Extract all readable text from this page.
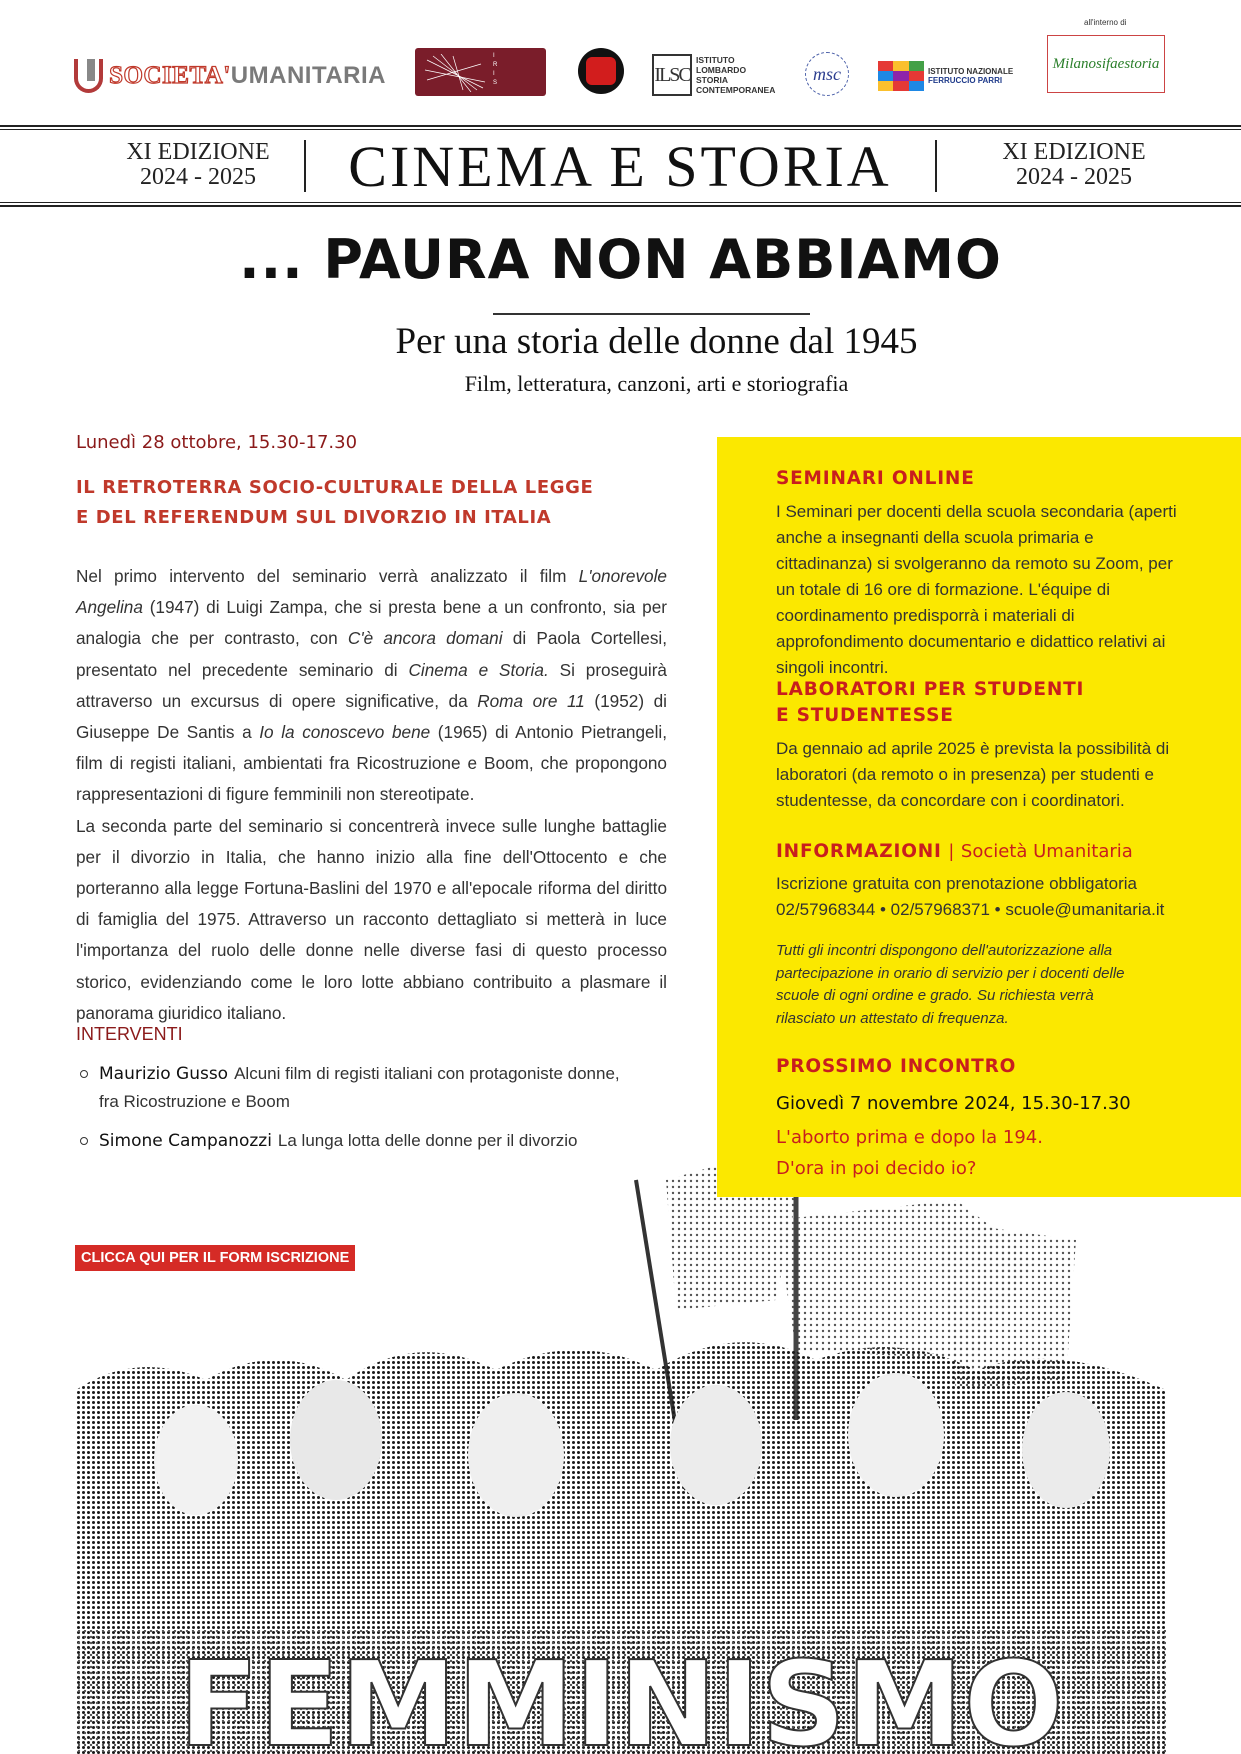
SOCIETA' UMANITARIA
I
R
I
S	ILSC
ISTITUTO
LOMBARDO
STORIA
CONTEMPORANEA
msc	ISTITUTO NAZIONALE
FERRUCCIO PARRI
all'interno di
Milanosifaestoria
XI EDIZIONE
2024 - 2025	CINEMA E STORIA	XI EDIZIONE
2024 - 2025
... PAURA NON ABBIAMO
Per una storia delle donne dal 1945
Film, letteratura, canzoni, arti e storiografia
Lunedì 28 ottobre, 15.30-17.30
IL RETROTERRA SOCIO-CULTURALE DELLA LEGGE
E DEL REFERENDUM SUL DIVORZIO IN ITALIA

Nel primo intervento del seminario verrà analizzato il film L'onorevole Angelina (1947) di Luigi Zampa, che si presta bene a un confronto, sia per analogia che per contrasto, con C'è ancora domani di Paola Cortellesi, presentato nel precedente seminario di Cinema e Storia. Si proseguirà attraverso un excursus di opere significative, da Roma ore 11 (1952) di Giuseppe De Santis a Io la conoscevo bene (1965) di Antonio Pietrangeli, film di registi italiani, ambientati fra Ricostruzione e Boom, che propongono rappresentazioni di figure femminili non stereotipate.

La seconda parte del seminario si concentrerà invece sulle lunghe battaglie per il divorzio in Italia, che hanno inizio alla fine dell'Ottocento e che porteranno alla legge Fortuna-Baslini del 1970 e all'epocale riforma del diritto di famiglia del 1975. Attraverso un racconto dettagliato si metterà in luce l'importanza del ruolo delle donne nelle diverse fasi di questo processo storico, evidenziando come le loro lotte abbiano contribuito a plasmare il panorama giuridico italiano.

INTERVENTI
Maurizio Gusso Alcuni film di registi italiani con protagoniste donne,
fra Ricostruzione e Boom
Simone Campanozzi La lunga lotta delle donne per il divorzio

FEMMINISMO
CLICCA QUI PER IL FORM ISCRIZIONE
SEMINARI ONLINE
I Seminari per docenti della scuola secondaria (aperti anche a insegnanti della scuola primaria e cittadinanza) si svolgeranno da remoto su Zoom, per un totale di 16 ore di formazione. L'équipe di coordinamento predisporrà i materiali di approfondimento documentario e didattico relativi ai singoli incontri.
LABORATORI PER STUDENTI
E STUDENTESSE
Da gennaio ad aprile 2025 è prevista la possibilità di laboratori (da remoto o in presenza) per studenti e studentesse, da concordare con i coordinatori.
INFORMAZIONI | Società Umanitaria
Iscrizione gratuita con prenotazione obbligatoria
02/57968344 • 02/57968371 • scuole@umanitaria.it
Tutti gli incontri dispongono dell'autorizzazione alla partecipazione in orario di servizio per i docenti delle scuole di ogni ordine e grado. Su richiesta verrà rilasciato un attestato di frequenza.
PROSSIMO INCONTRO
Giovedì 7 novembre 2024, 15.30-17.30
L'aborto prima e dopo la 194.
D'ora in poi decido io?
